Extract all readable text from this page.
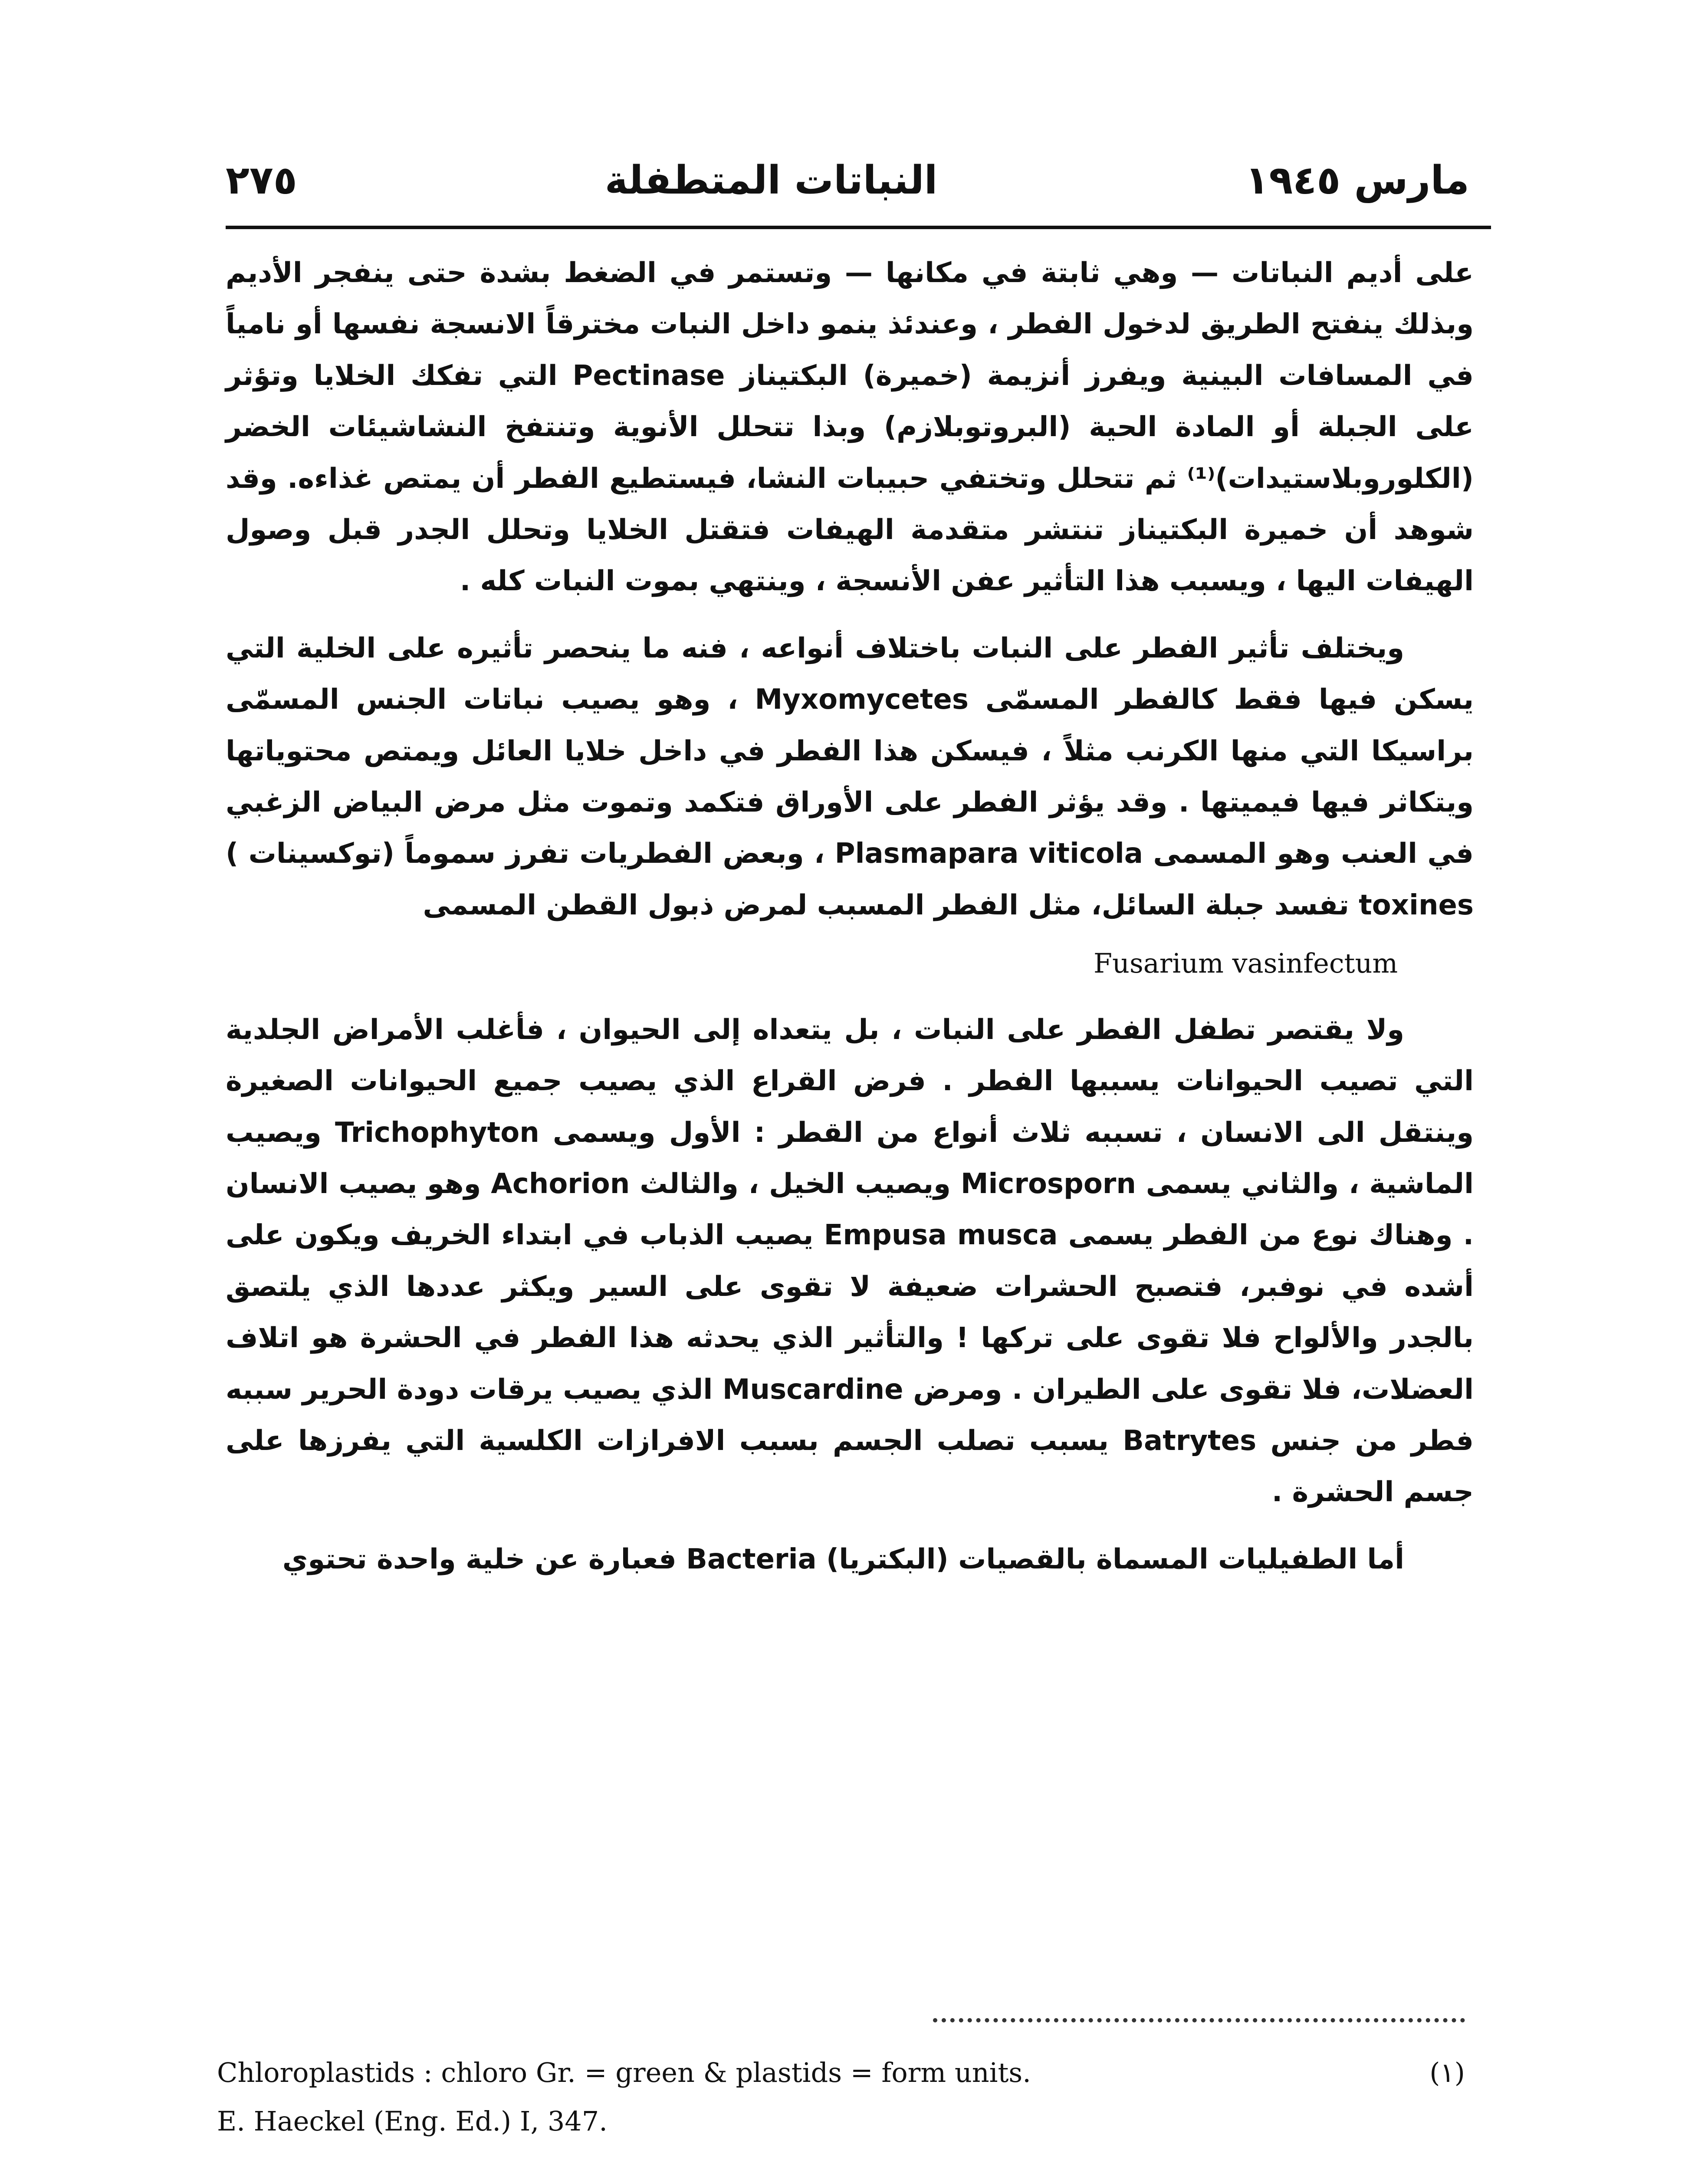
٢٧٥	النباتات المتطفلة	مارس ١٩٤٥

على أديم النباتات — وهي ثابتة في مكانها — وتستمر في الضغط بشدة حتى ينفجر الأديم وبذلك ينفتح الطريق لدخول الفطر ، وعندئذ ينمو داخل النبات مخترقاً الانسجة نفسها أو نامياً في المسافات البينية ويفرز أنزيمة (خميرة) البكتيناز Pectinase التي تفكك الخلايا وتؤثر على الجبلة أو المادة الحية (البروتوبلازم) وبذا تتحلل الأنوية وتنتفخ النشاشيئات الخضر (الكلوروبلاستيدات)⁽¹⁾ ثم تتحلل وتختفي حبيبات النشا، فيستطيع الفطر أن يمتص غذاءه. وقد شوهد أن خميرة البكتيناز تنتشر متقدمة الهيفات فتقتل الخلايا وتحلل الجدر قبل وصول الهيفات اليها ، ويسبب هذا التأثير عفن الأنسجة ، وينتهي بموت النبات كله .

ويختلف تأثير الفطر على النبات باختلاف أنواعه ، فنه ما ينحصر تأثيره على الخلية التي يسكن فيها فقط كالفطر المسمّى Myxomycetes ، وهو يصيب نباتات الجنس المسمّى براسيكا التي منها الكرنب مثلاً ، فيسكن هذا الفطر في داخل خلايا العائل ويمتص محتوياتها ويتكاثر فيها فيميتها . وقد يؤثر الفطر على الأوراق فتكمد وتموت مثل مرض البياض الزغبي في العنب وهو المسمى Plasmapara viticola ، وبعض الفطريات تفرز سموماً (توكسينات ) toxines تفسد جبلة السائل، مثل الفطر المسبب لمرض ذبول القطن المسمى

Fusarium vasinfectum

ولا يقتصر تطفل الفطر على النبات ، بل يتعداه إلى الحيوان ، فأغلب الأمراض الجلدية التي تصيب الحيوانات يسببها الفطر . فرض القراع الذي يصيب جميع الحيوانات الصغيرة وينتقل الى الانسان ، تسببه ثلاث أنواع من القطر : الأول ويسمى Trichophyton ويصيب الماشية ، والثاني يسمى Microsporn ويصيب الخيل ، والثالث Achorion وهو يصيب الانسان . وهناك نوع من الفطر يسمى Empusa musca يصيب الذباب في ابتداء الخريف ويكون على أشده في نوفبر، فتصبح الحشرات ضعيفة لا تقوى على السير ويكثر عددها الذي يلتصق بالجدر والألواح فلا تقوى على تركها ! والتأثير الذي يحدثه هذا الفطر في الحشرة هو اتلاف العضلات، فلا تقوى على الطيران . ومرض Muscardine الذي يصيب يرقات دودة الحرير سببه فطر من جنس Batrytes يسبب تصلب الجسم بسبب الافرازات الكلسية التي يفرزها على جسم الحشرة .

أما الطفيليات المسماة بالقصيات (البكتريا) Bacteria فعبارة عن خلية واحدة تحتوي

Chloroplastids : chloro Gr. = green & plastids = form units.	(١)
E. Haeckel (Eng. Ed.) I, 347.
